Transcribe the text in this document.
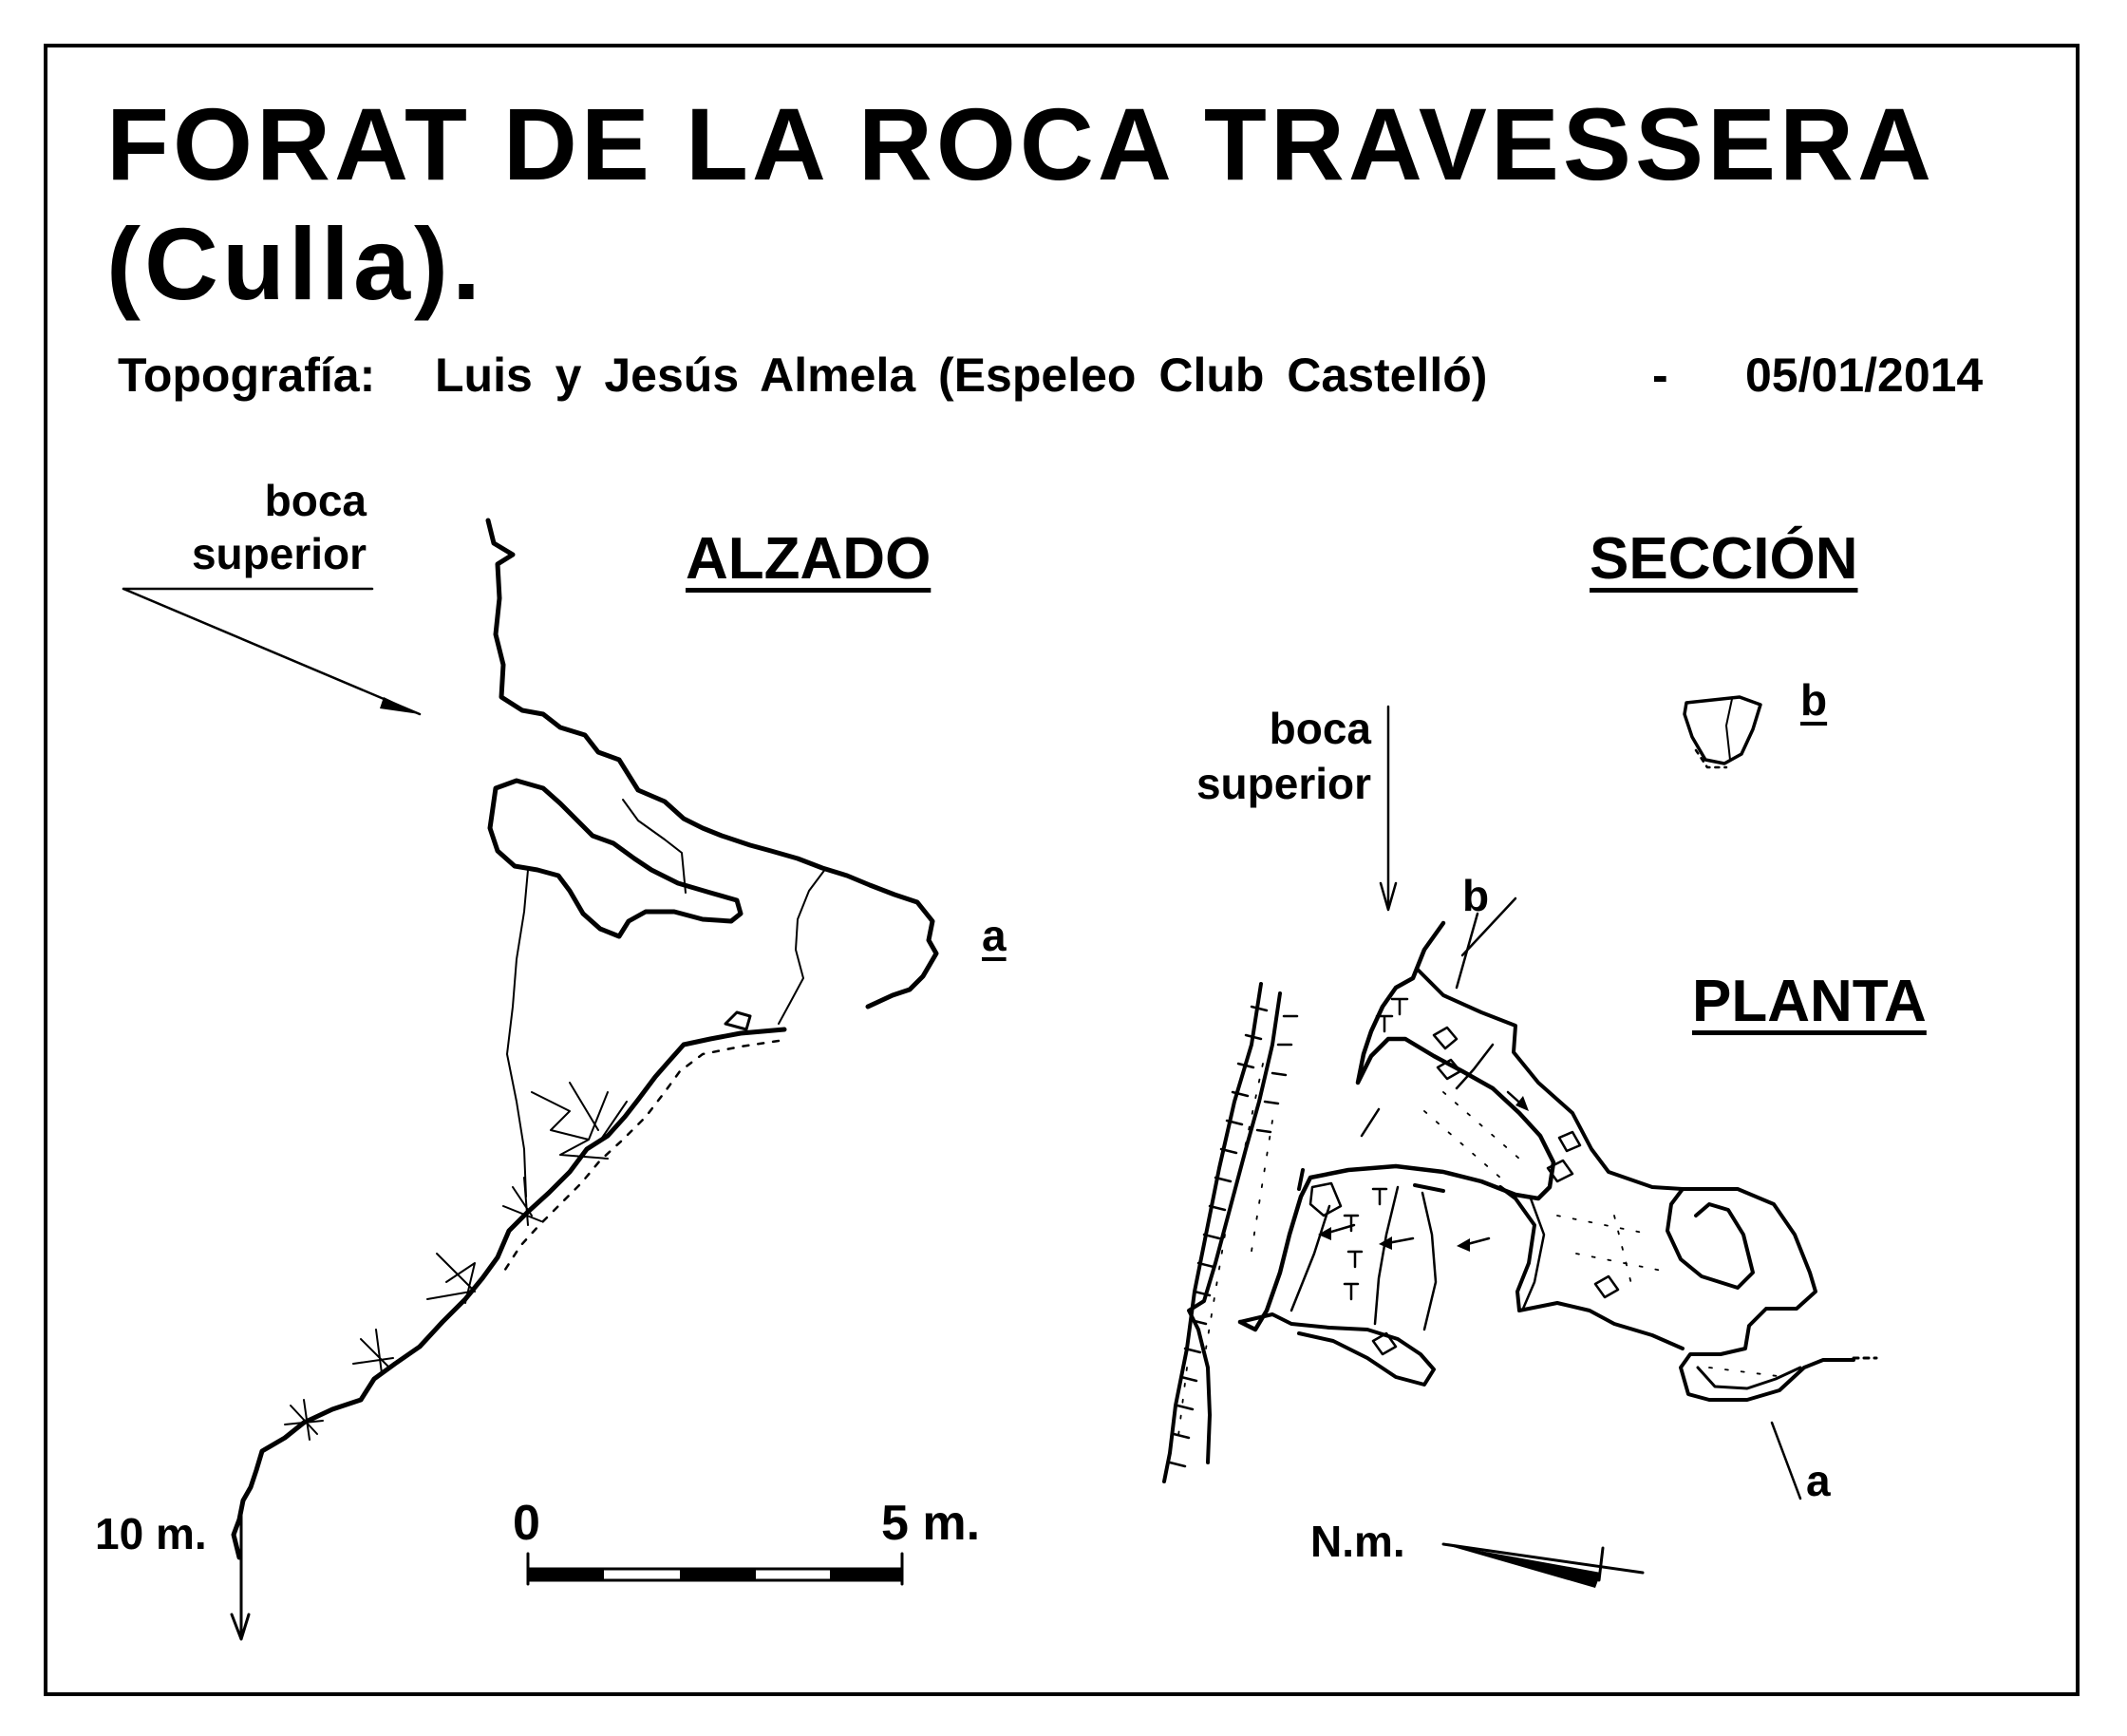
FORAT DE LA ROCA TRAVESSERA
(Culla).
Topografía: Luis y Jesús Almela (Espeleo Club Castelló)	- 05/01/2014
ALZADO	SECCIÓN
PLANTA
boca
superior
a
10 m.
b
boca
superior
b
a
N.m.
0	5 m.
